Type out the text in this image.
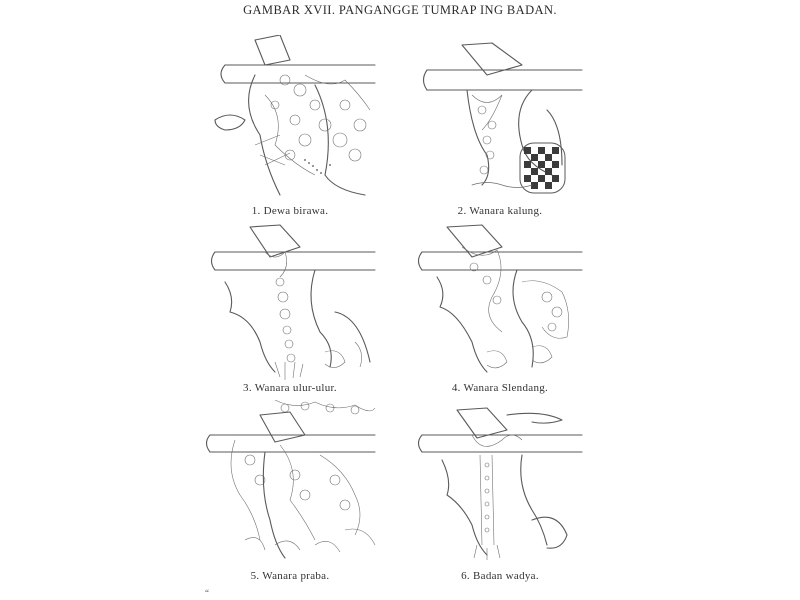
GAMBAR XVII. PANGANGGE TUMRAP ING BADAN.
1. Dewa birawa.	2. Wanara kalung.
3. Wanara ulur-ulur.	4. Wanara Slendang.
5. Wanara praba.	6. Badan wadya.
“
